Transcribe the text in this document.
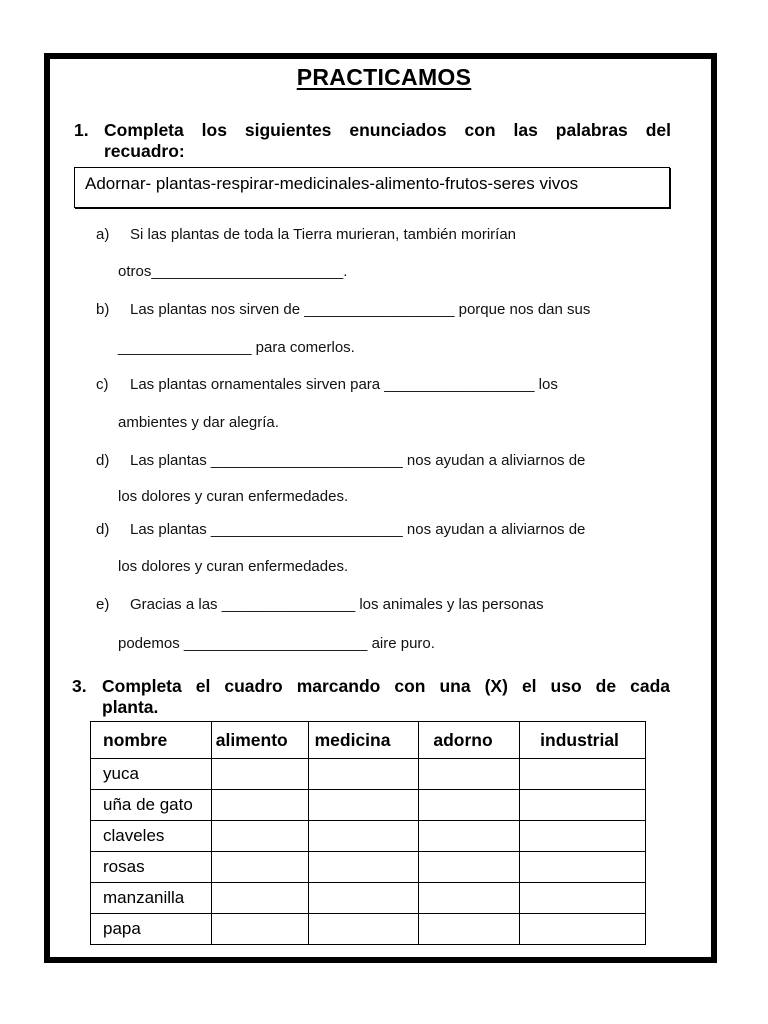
PRACTICAMOS
1. Completa los siguientes enunciados con las palabras del
recuadro:
Adornar- plantas-respirar-medicinales-alimento-frutos-seres vivos
a) Si las plantas de toda la Tierra murieran, también morirían
otros_______________________.
b) Las plantas nos sirven de __________________ porque nos dan sus
________________ para comerlos.
c) Las plantas ornamentales sirven para __________________ los
ambientes y dar alegría.
d) Las plantas _______________________ nos ayudan a aliviarnos de
los dolores y curan enfermedades.
d) Las plantas _______________________ nos ayudan a aliviarnos de
los dolores y curan enfermedades.
e) Gracias a las ________________ los animales y las personas
podemos ______________________ aire puro.
3. Completa el cuadro marcando con una (X) el uso de cada
planta.
nombre	alimento	medicina	adorno	industrial
yuca				
uña de gato				
claveles				
rosas				
manzanilla				
papa				
